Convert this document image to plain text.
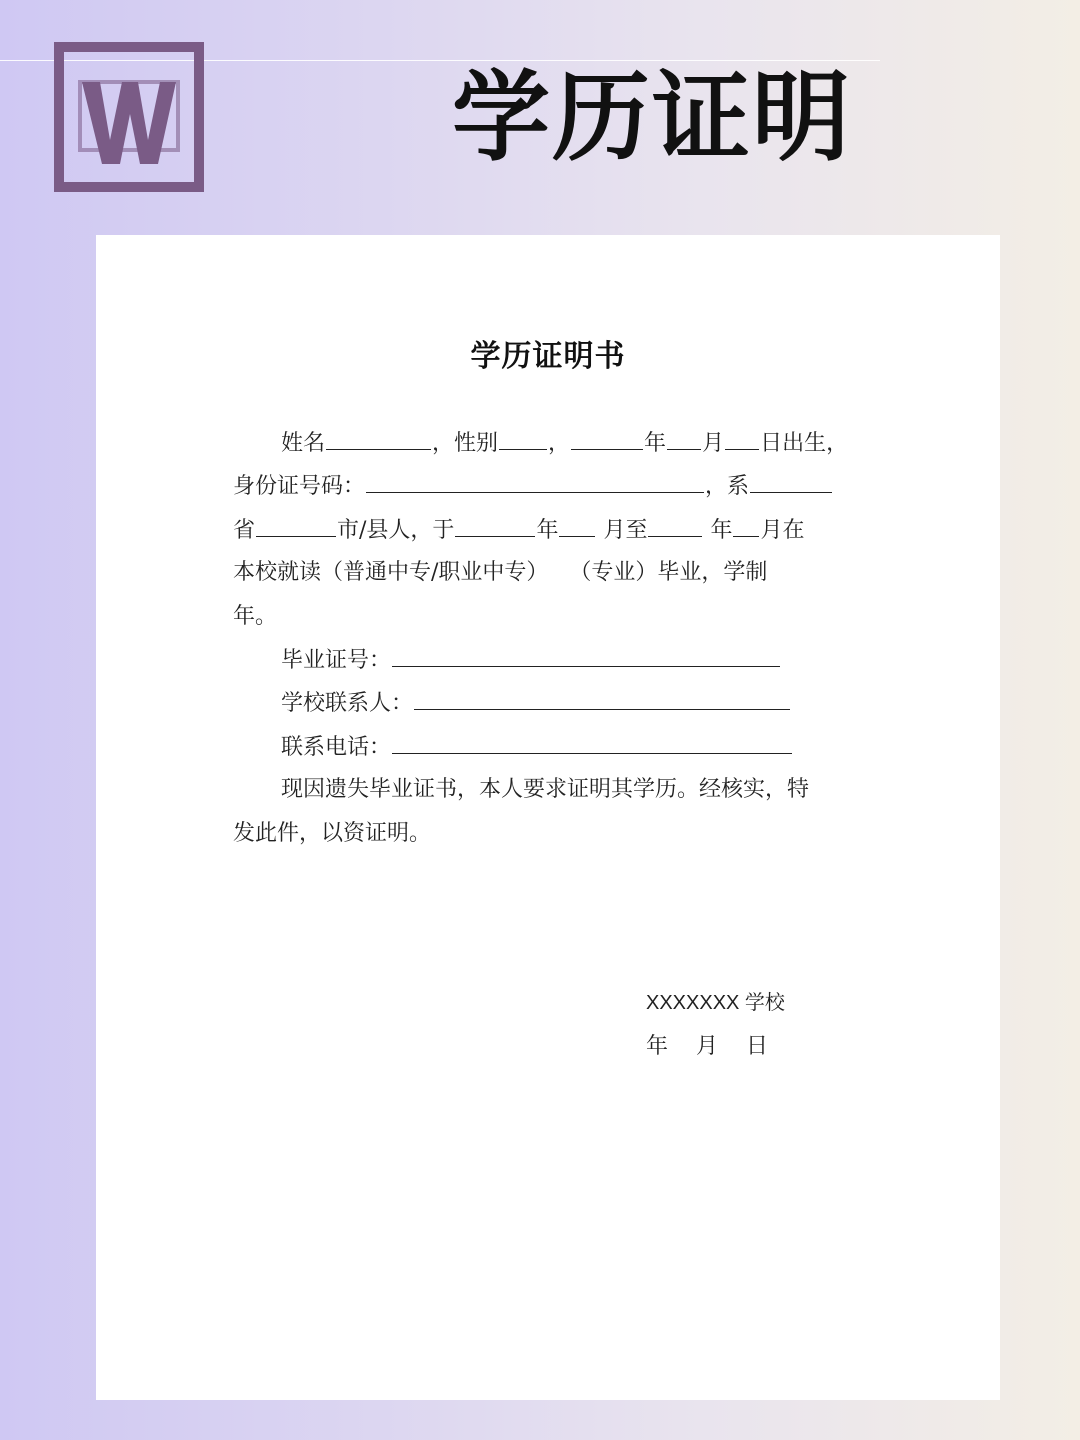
学历证明
学历证明书
姓名	，性别 ，	年 月 日出生，
身份证号码：	，系
省	市/县人，于	年 月至	年 月在
本校就读（普通中专/职业中专）   （专业）毕业，学制
年。
毕业证号：
学校联系人：
联系电话：
现因遗失毕业证书，本人要求证明其学历。经核实，特
发此件，以资证明。
XXXXXXX 学校
年    月    日
